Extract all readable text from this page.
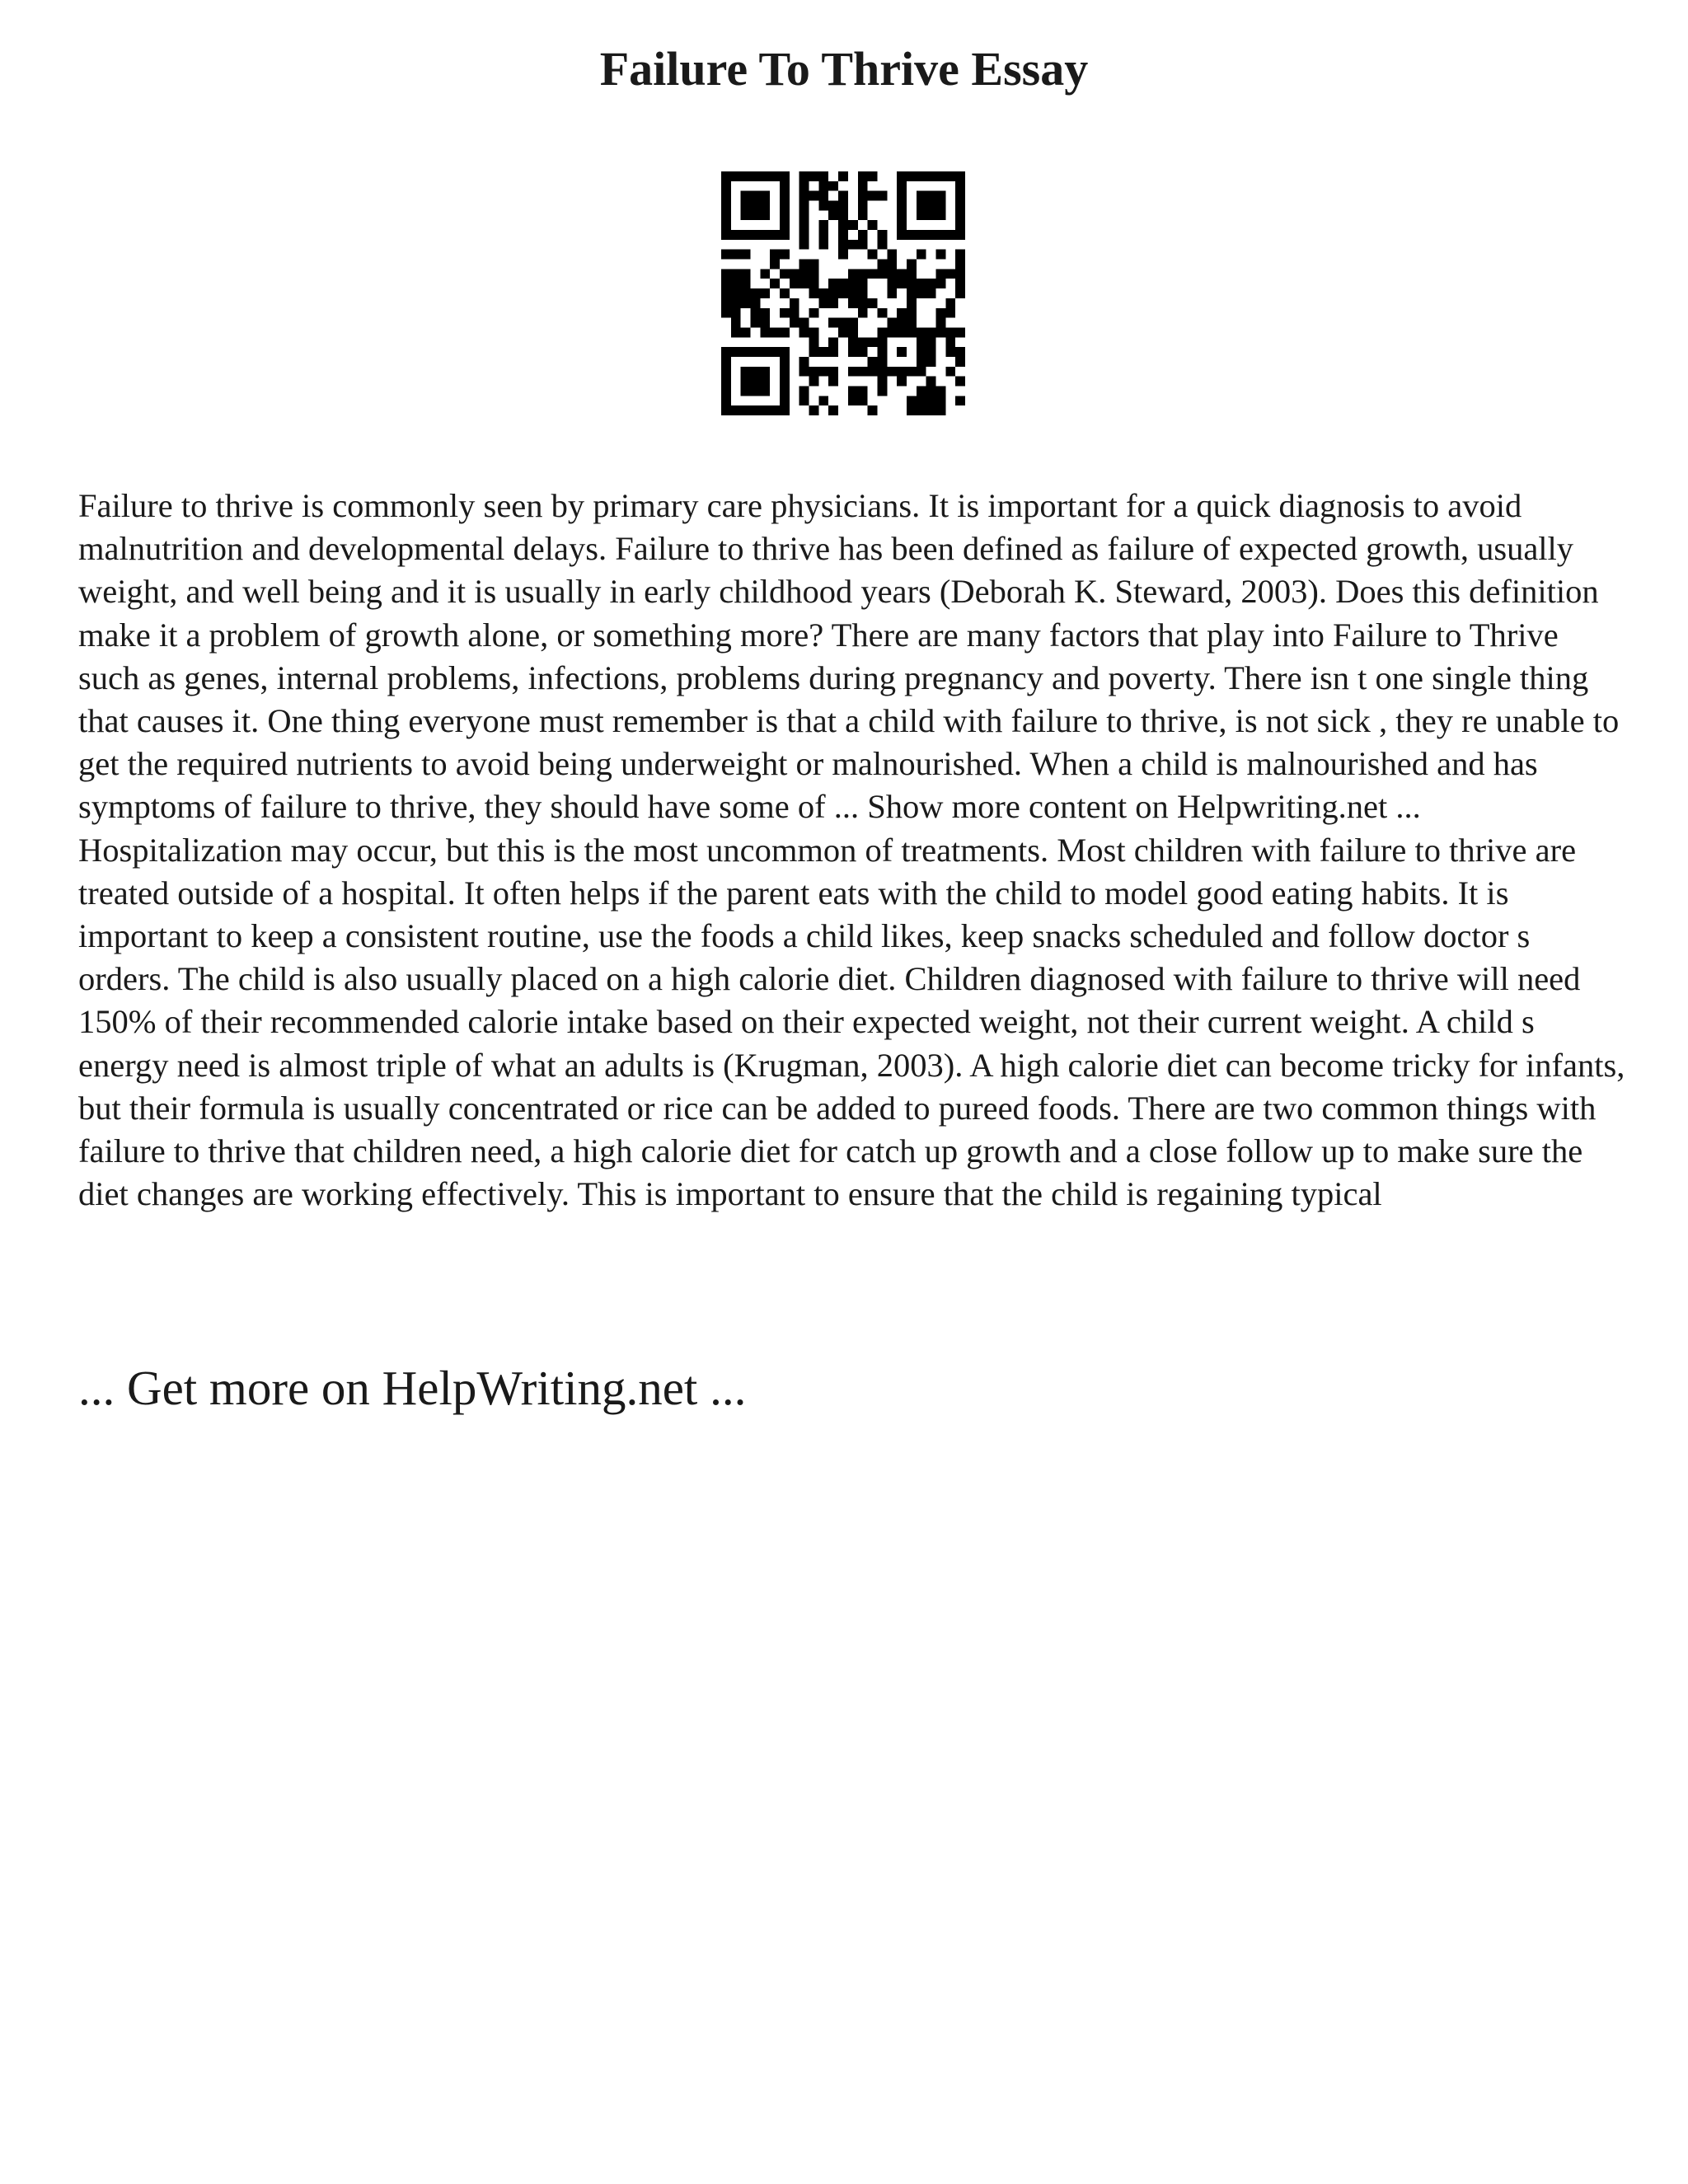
Failure To Thrive Essay

Failure to thrive is commonly seen by primary care physicians. It is important for a quick diagnosis to avoid malnutrition and developmental delays. Failure to thrive has been defined as failure of expected growth, usually weight, and well being and it is usually in early childhood years (Deborah K. Steward, 2003). Does this definition make it a problem of growth alone, or something more? There are many factors that play into Failure to Thrive such as genes, internal problems, infections, problems during pregnancy and poverty. There isn t one single thing that causes it. One thing everyone must remember is that a child with failure to thrive, is not sick , they re unable to get the required nutrients to avoid being underweight or malnourished. When a child is malnourished and has symptoms of failure to thrive, they should have some of ... Show more content on Helpwriting.net ...

Hospitalization may occur, but this is the most uncommon of treatments. Most children with failure to thrive are treated outside of a hospital. It often helps if the parent eats with the child to model good eating habits. It is important to keep a consistent routine, use the foods a child likes, keep snacks scheduled and follow doctor s orders. The child is also usually placed on a high calorie diet. Children diagnosed with failure to thrive will need 150% of their recommended calorie intake based on their expected weight, not their current weight. A child s energy need is almost triple of what an adults is (Krugman, 2003). A high calorie diet can become tricky for infants, but their formula is usually concentrated or rice can be added to pureed foods. There are two common things with failure to thrive that children need, a high calorie diet for catch up growth and a close follow up to make sure the diet changes are working effectively. This is important to ensure that the child is regaining typical

... Get more on HelpWriting.net ...
